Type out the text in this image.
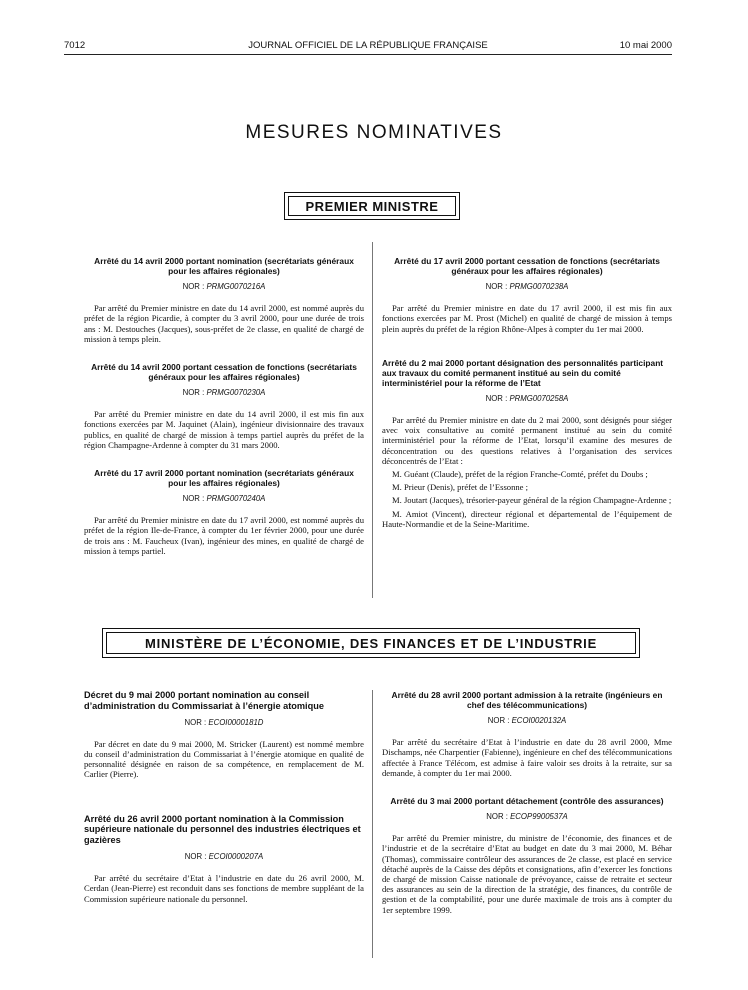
7012	JOURNAL OFFICIEL DE LA RÉPUBLIQUE FRANÇAISE	10 mai 2000
MESURES NOMINATIVES
PREMIER MINISTRE
Arrêté du 14 avril 2000 portant nomination (secrétariats généraux pour les affaires régionales)
NOR : PRMG0070216A
Par arrêté du Premier ministre en date du 14 avril 2000, est nommé auprès du préfet de la région Picardie, à compter du 3 avril 2000, pour une durée de trois ans : M. Destouches (Jacques), sous-préfet de 2e classe, en qualité de chargé de mission à temps plein.
Arrêté du 14 avril 2000 portant cessation de fonctions (secrétariats généraux pour les affaires régionales)
NOR : PRMG0070230A
Par arrêté du Premier ministre en date du 14 avril 2000, il est mis fin aux fonctions exercées par M. Jaquinet (Alain), ingénieur divisionnaire des travaux publics, en qualité de chargé de mission à temps partiel auprès du préfet de la région Champagne-Ardenne à compter du 31 mars 2000.
Arrêté du 17 avril 2000 portant nomination (secrétariats généraux pour les affaires régionales)
NOR : PRMG0070240A
Par arrêté du Premier ministre en date du 17 avril 2000, est nommé auprès du préfet de la région Ile-de-France, à compter du 1er février 2000, pour une durée de trois ans : M. Faucheux (Ivan), ingénieur des mines, en qualité de chargé de mission à temps partiel.
Arrêté du 17 avril 2000 portant cessation de fonctions (secrétariats généraux pour les affaires régionales)
NOR : PRMG0070238A
Par arrêté du Premier ministre en date du 17 avril 2000, il est mis fin aux fonctions exercées par M. Prost (Michel) en qualité de chargé de mission à temps plein auprès du préfet de la région Rhône-Alpes à compter du 1er mai 2000.
Arrêté du 2 mai 2000 portant désignation des personnalités participant aux travaux du comité permanent institué au sein du comité interministériel pour la réforme de l’Etat
NOR : PRMG0070258A
Par arrêté du Premier ministre en date du 2 mai 2000, sont désignés pour siéger avec voix consultative au comité permanent institué au sein du comité interministériel pour la réforme de l’Etat, lorsqu’il examine des mesures de déconcentration ou des questions relatives à l’organisation des services déconcentrés de l’Etat :
M. Guéant (Claude), préfet de la région Franche-Comté, préfet du Doubs ;
M. Prieur (Denis), préfet de l’Essonne ;
M. Joutart (Jacques), trésorier-payeur général de la région Champagne-Ardenne ;
M. Amiot (Vincent), directeur régional et départemental de l’équipement de Haute-Normandie et de la Seine-Maritime.
MINISTÈRE DE L’ÉCONOMIE, DES FINANCES ET DE L’INDUSTRIE
Décret du 9 mai 2000 portant nomination au conseil d’administration du Commissariat à l’énergie atomique
NOR : ECOI0000181D
Par décret en date du 9 mai 2000, M. Stricker (Laurent) est nommé membre du conseil d’administration du Commissariat à l’énergie atomique en qualité de personnalité désignée en raison de sa compétence, en remplacement de M. Carlier (Pierre).
Arrêté du 26 avril 2000 portant nomination à la Commission supérieure nationale du personnel des industries électriques et gazières
NOR : ECOI0000207A
Par arrêté du secrétaire d’Etat à l’industrie en date du 26 avril 2000, M. Cerdan (Jean-Pierre) est reconduit dans ses fonctions de membre suppléant de la Commission supérieure nationale du personnel.
Arrêté du 28 avril 2000 portant admission à la retraite (ingénieurs en chef des télécommunications)
NOR : ECOI0020132A
Par arrêté du secrétaire d’Etat à l’industrie en date du 28 avril 2000, Mme Dischamps, née Charpentier (Fabienne), ingénieure en chef des télécommunications affectée à France Télécom, est admise à faire valoir ses droits à la retraite, sur sa demande, à compter du 1er mai 2000.
Arrêté du 3 mai 2000 portant détachement (contrôle des assurances)
NOR : ECOP9900537A
Par arrêté du Premier ministre, du ministre de l’économie, des finances et de l’industrie et de la secrétaire d’Etat au budget en date du 3 mai 2000, M. Béhar (Thomas), commissaire contrôleur des assurances de 2e classe, est placé en service détaché auprès de la Caisse des dépôts et consignations, afin d’exercer les fonctions de chargé de mission Caisse nationale de prévoyance, caisse de retraite et secteur des assurances au sein de la direction de la stratégie, des finances, du contrôle de gestion et de la comptabilité, pour une durée maximale de trois ans à compter du 1er septembre 1999.
